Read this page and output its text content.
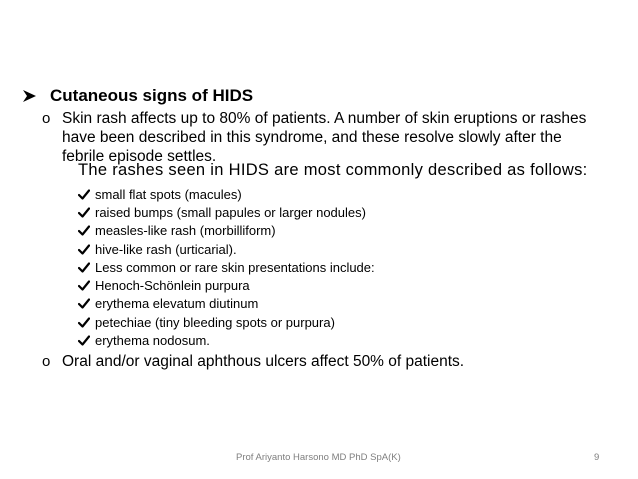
Cutaneous signs of HIDS
o Skin rash affects up to 80% of patients. A number of skin eruptions or rashes have been described in this syndrome, and these resolve slowly after the febrile episode settles.
The rashes seen in HIDS are most commonly described as follows:
small flat spots (macules)
raised bumps (small papules or larger nodules)
measles-like rash (morbilliform)
hive-like rash (urticarial).
Less common or rare skin presentations include:
Henoch-Schönlein purpura
erythema elevatum diutinum
petechiae (tiny bleeding spots or purpura)
erythema nodosum.
o Oral and/or vaginal aphthous ulcers affect 50% of patients.
Prof Ariyanto Harsono MD PhD SpA(K)	9
